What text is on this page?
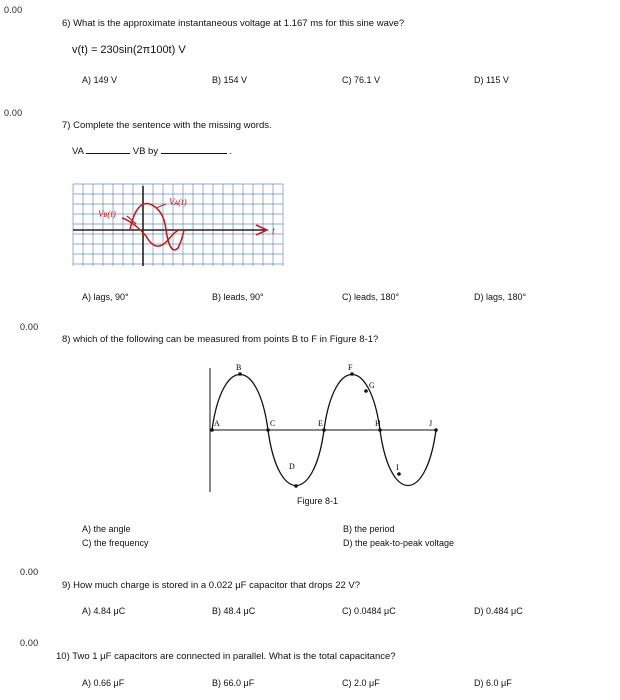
0.00
6) What is the approximate instantaneous voltage at 1.167 ms for this sine wave?
v(t) = 230sin(2π100t) V
A) 149 V	B) 154 V	C) 76.1 V	D) 115 V
0.00
7) Complete the sentence with the missing words.
VA	VB by	.
Vʙ(t)
Vᴀ(t)
t
A) lags, 90°	B) leads, 90°	C) leads, 180°	D) lags, 180°
0.00
8) which of the following can be measured from points B to F in Figure 8-1?
A
B
C
D
E
F
G
H
I
J
Figure 8-1
A) the angle	B) the period
C) the frequency	D) the peak-to-peak voltage
0.00
9) How much charge is stored in a 0.022 μF capacitor that drops 22 V?
A) 4.84 μC	B) 48.4 μC	C) 0.0484 μC	D) 0.484 μC
0.00
10) Two 1 μF capacitors are connected in parallel. What is the total capacitance?
A) 0.66 μF	B) 66.0 μF	C) 2.0 μF	D) 6.0 μF
